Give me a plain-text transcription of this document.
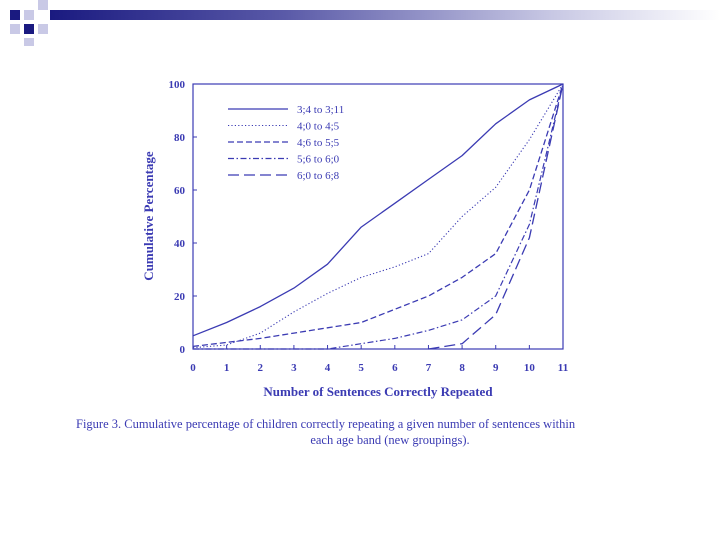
0	1	2	3	4	5	6	7	8	9 10 11
0
20
40
60
80
100
3;4 to 3;11
4;0 to 4;5
4;6 to 5;5
5;6 to 6;0
6;0 to 6;8
Number of Sentences Correctly Repeated
Cumulative Percentage
Figure 3. Cumulative percentage of children correctly repeating a given number of sentences within
each age band (new groupings).
